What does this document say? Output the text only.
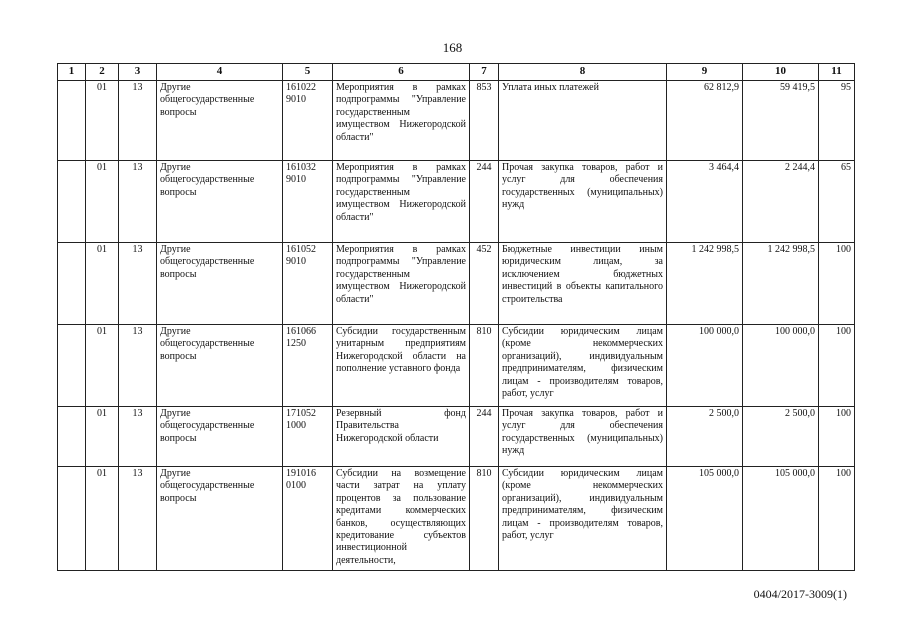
168
1	2	3	4	5	6	7	8	9	10	11
	01	13	Другие общегосударственные вопросы	161022 9010	Мероприятия в рамках подпрограммы "Управление государственным имуществом Нижегородской области"	853	Уплата иных платежей	62 812,9	59 419,5	95
	01	13	Другие общегосударственные вопросы	161032 9010	Мероприятия в рамках подпрограммы "Управление государственным имуществом Нижегородской области"	244	Прочая закупка товаров, работ и услуг для обеспечения государственных (муниципальных) нужд	3 464,4	2 244,4	65
	01	13	Другие общегосударственные вопросы	161052 9010	Мероприятия в рамках подпрограммы "Управление государственным имуществом Нижегородской области"	452	Бюджетные инвестиции иным юридическим лицам, за исключением бюджетных инвестиций в объекты капитального строительства	1 242 998,5	1 242 998,5	100
	01	13	Другие общегосударственные вопросы	161066 1250	Субсидии государственным унитарным предприятиям Нижегородской области на пополнение уставного фонда	810	Субсидии юридическим лицам (кроме некоммерческих организаций), индивидуальным предпринимателям, физическим лицам - производителям товаров, работ, услуг	100 000,0	100 000,0	100
	01	13	Другие общегосударственные вопросы	171052 1000	Резервный фонд Правительства Нижегородской области	244	Прочая закупка товаров, работ и услуг для обеспечения государственных (муниципальных) нужд	2 500,0	2 500,0	100
	01	13	Другие общегосударственные вопросы	191016 0100	Субсидии на возмещение части затрат на уплату процентов за пользование кредитами коммерческих банков, осуществляющих кредитование субъектов инвестиционной деятельности,	810	Субсидии юридическим лицам (кроме некоммерческих организаций), индивидуальным предпринимателям, физическим лицам - производителям товаров, работ, услуг	105 000,0	105 000,0	100
0404/2017-3009(1)
